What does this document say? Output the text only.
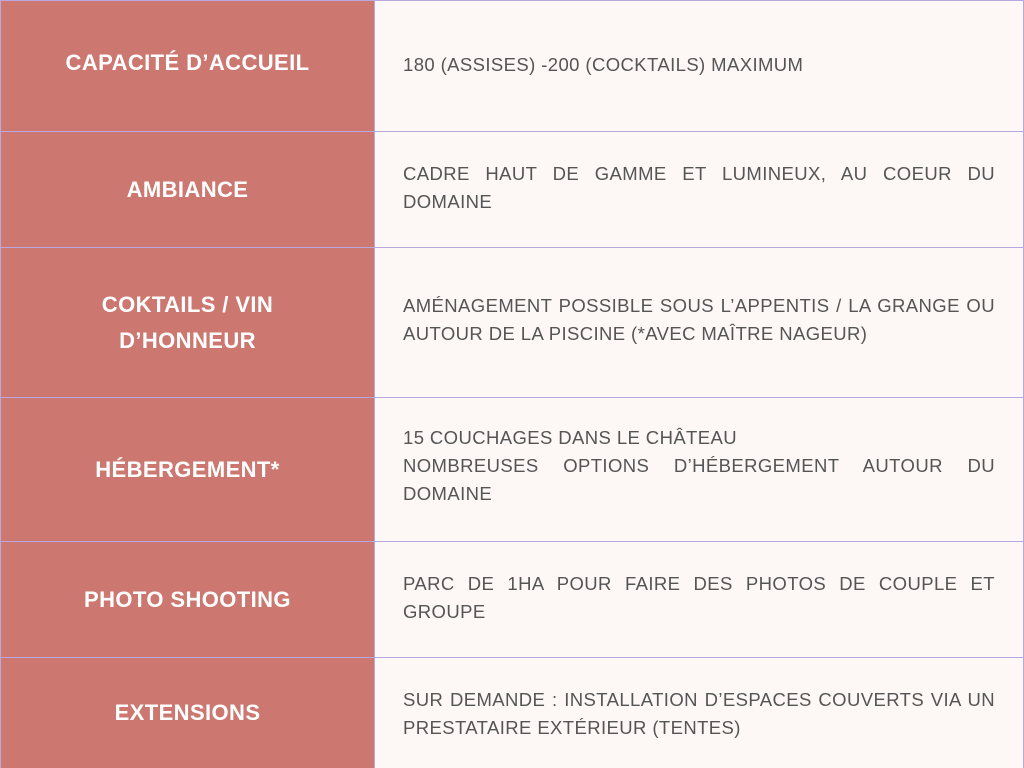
CAPACITÉ D’ACCUEIL	180 (ASSISES) -200 (COCKTAILS) MAXIMUM
AMBIANCE
CADRE HAUT DE GAMME ET LUMINEUX, AU COEUR DU DOMAINE
COKTAILS / VIN D’HONNEUR
AMÉNAGEMENT POSSIBLE SOUS L’APPENTIS / LA GRANGE OU AUTOUR DE LA PISCINE (*AVEC MAÎTRE NAGEUR)
HÉBERGEMENT*
15 COUCHAGES DANS LE CHÂTEAU
NOMBREUSES OPTIONS D’HÉBERGEMENT AUTOUR DU DOMAINE
PHOTO SHOOTING
PARC DE 1HA POUR FAIRE DES PHOTOS DE COUPLE ET GROUPE
EXTENSIONS
SUR DEMANDE : INSTALLATION D’ESPACES COUVERTS VIA UN PRESTATAIRE EXTÉRIEUR (TENTES)
